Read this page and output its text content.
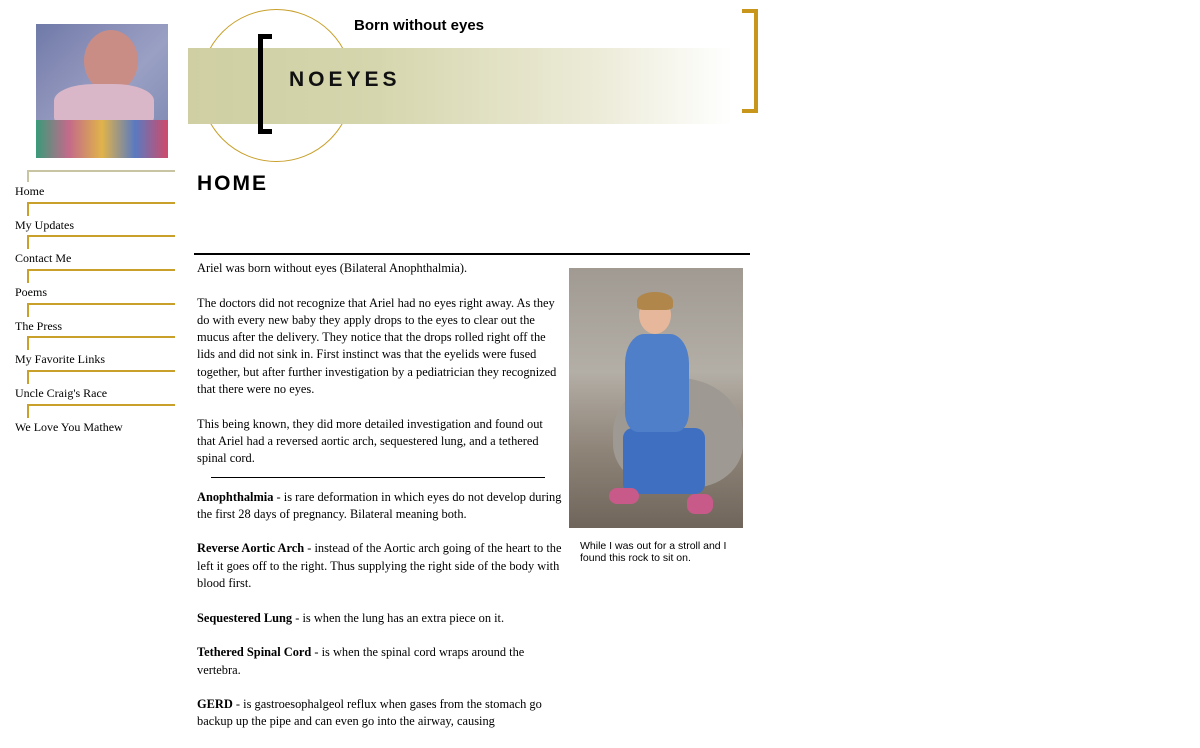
Home
My Updates
Contact Me
Poems
The Press
My Favorite Links
Uncle Craig's Race
We Love You Mathew
Born without eyes
NOEYES
HOME

Ariel was born without eyes (Bilateral Anophthalmia).

The doctors did not recognize that Ariel had no eyes right away. As they do with every new baby they apply drops to the eyes to clear out the mucus after the delivery. They notice that the drops rolled right off the lids and did not sink in. First instinct was that the eyelids were fused together, but after further investigation by a pediatrician they recognized that there were no eyes.

This being known, they did more detailed investigation and found out that Ariel had a reversed aortic arch, sequestered lung, and a tethered spinal cord.

Anophthalmia - is rare deformation in which eyes do not develop during the first 28 days of pregnancy. Bilateral meaning both.

Reverse Aortic Arch - instead of the Aortic arch going of the heart to the left it goes off to the right. Thus supplying the right side of the body with blood first.

Sequestered Lung - is when the lung has an extra piece on it.

Tethered Spinal Cord - is when the spinal cord wraps around the vertebra.

GERD - is gastroesophalgeol reflux when gases from the stomach go backup up the pipe and can even go into the airway, causing

While I was out for a stroll and I found this rock to sit on.
